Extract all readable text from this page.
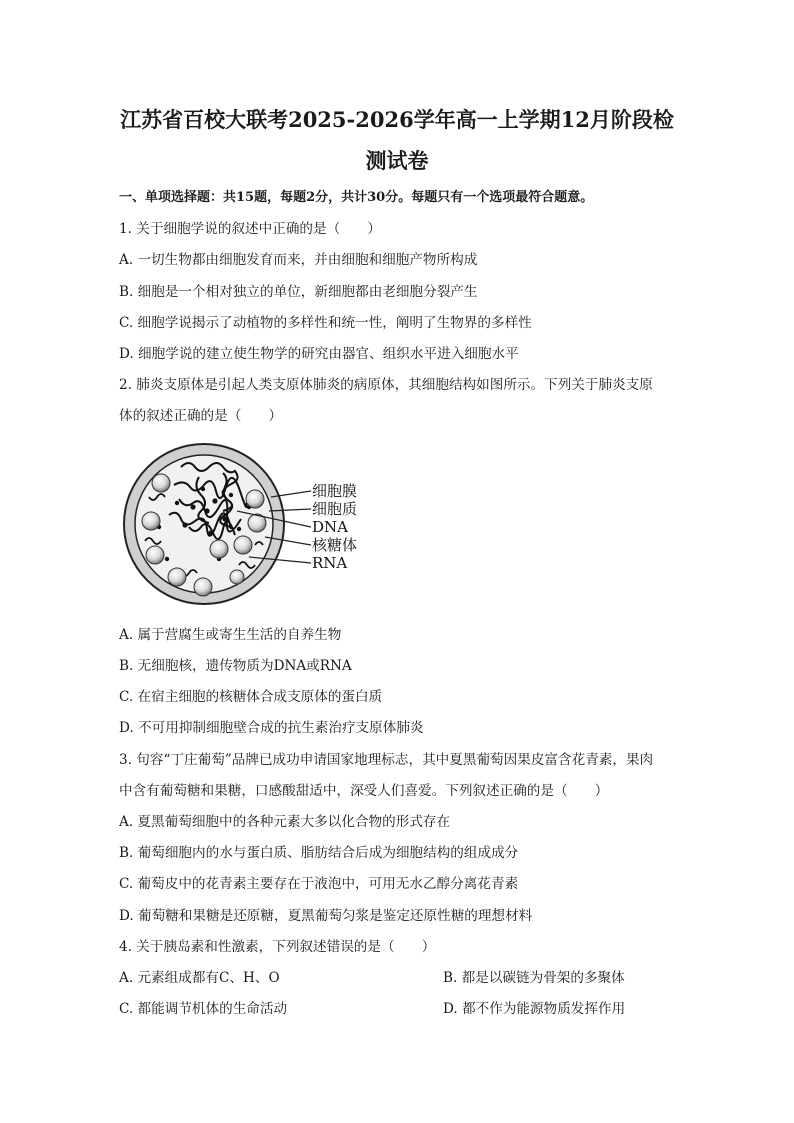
江苏省百校大联考2025-2026学年高一上学期12月阶段检
测试卷
一、单项选择题：共15题，每题2分，共计30分。每题只有一个选项最符合题意。
1. 关于细胞学说的叙述中正确的是（　　）
A. 一切生物都由细胞发育而来，并由细胞和细胞产物所构成
B. 细胞是一个相对独立的单位，新细胞都由老细胞分裂产生
C. 细胞学说揭示了动植物的多样性和统一性，阐明了生物界的多样性
D. 细胞学说的建立使生物学的研究由器官、组织水平进入细胞水平
2. 肺炎支原体是引起人类支原体肺炎的病原体，其细胞结构如图所示。下列关于肺炎支原
体的叙述正确的是（　　）
细胞膜
细胞质
DNA
核糖体
RNA
A. 属于营腐生或寄生生活的自养生物
B. 无细胞核，遗传物质为DNA或RNA
C. 在宿主细胞的核糖体合成支原体的蛋白质
D. 不可用抑制细胞壁合成的抗生素治疗支原体肺炎
3. 句容“丁庄葡萄”品牌已成功申请国家地理标志，其中夏黑葡萄因果皮富含花青素，果肉
中含有葡萄糖和果糖，口感酸甜适中，深受人们喜爱。下列叙述正确的是（　　）
A. 夏黑葡萄细胞中的各种元素大多以化合物的形式存在
B. 葡萄细胞内的水与蛋白质、脂肪结合后成为细胞结构的组成成分
C. 葡萄皮中的花青素主要存在于液泡中，可用无水乙醇分离花青素
D. 葡萄糖和果糖是还原糖，夏黑葡萄匀浆是鉴定还原性糖的理想材料
4. 关于胰岛素和性激素，下列叙述错误的是（　　）
A. 元素组成都有C、H、O	B. 都是以碳链为骨架的多聚体
C. 都能调节机体的生命活动	D. 都不作为能源物质发挥作用
